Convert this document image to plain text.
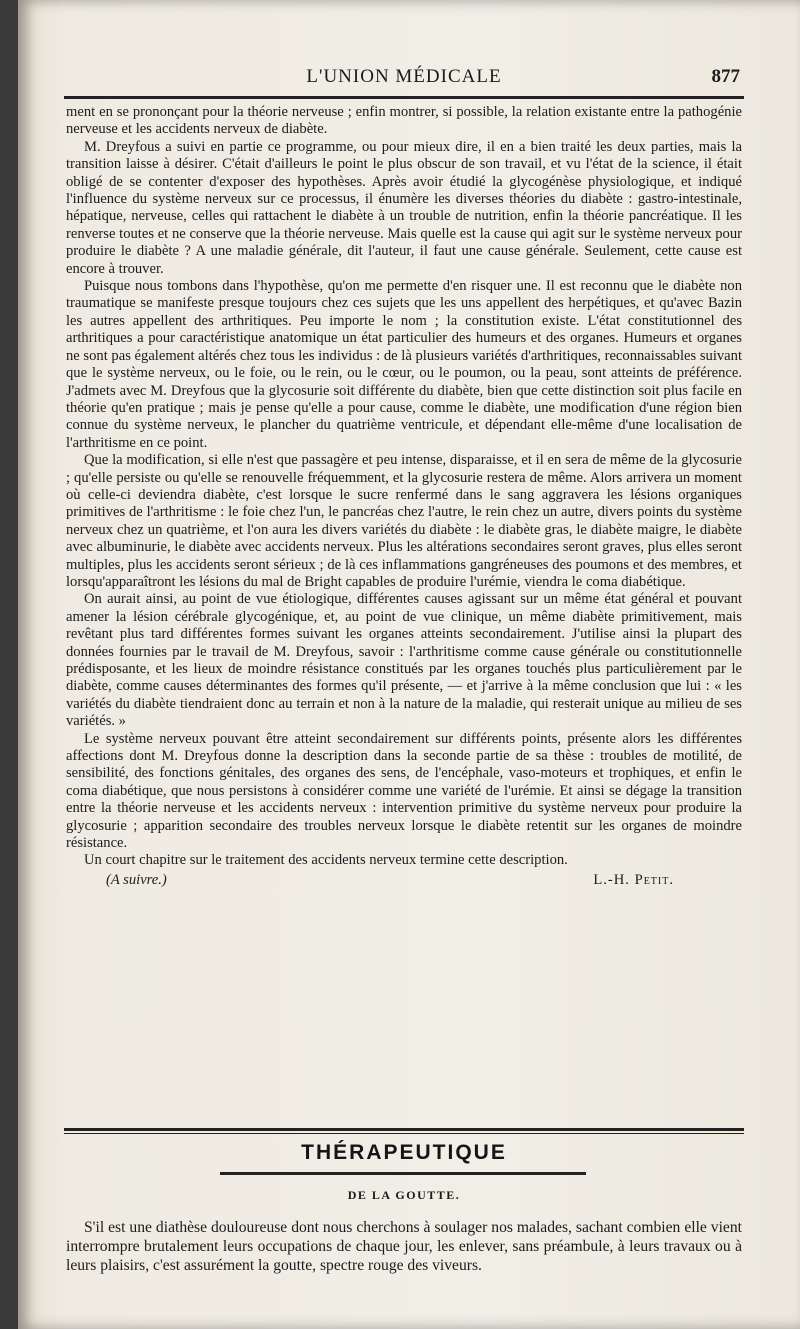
L'UNION MÉDICALE	877

ment en se prononçant pour la théorie nerveuse ; enfin montrer, si possible, la relation existante entre la pathogénie nerveuse et les accidents nerveux de diabète.

M. Dreyfous a suivi en partie ce programme, ou pour mieux dire, il en a bien traité les deux parties, mais la transition laisse à désirer. C'était d'ailleurs le point le plus obscur de son travail, et vu l'état de la science, il était obligé de se contenter d'exposer des hypothèses. Après avoir étudié la glycogénèse physiologique, et indiqué l'influence du système nerveux sur ce processus, il énumère les diverses théories du diabète : gastro-intestinale, hépatique, nerveuse, celles qui rattachent le diabète à un trouble de nutrition, enfin la théorie pancréatique. Il les renverse toutes et ne conserve que la théorie nerveuse. Mais quelle est la cause qui agit sur le système nerveux pour produire le diabète ? A une maladie générale, dit l'auteur, il faut une cause générale. Seulement, cette cause est encore à trouver.

Puisque nous tombons dans l'hypothèse, qu'on me permette d'en risquer une. Il est reconnu que le diabète non traumatique se manifeste presque toujours chez ces sujets que les uns appellent des herpétiques, et qu'avec Bazin les autres appellent des arthritiques. Peu importe le nom ; la constitution existe. L'état constitutionnel des arthritiques a pour caractéristique anatomique un état particulier des humeurs et des organes. Humeurs et organes ne sont pas également altérés chez tous les individus : de là plusieurs variétés d'arthritiques, reconnaissables suivant que le système nerveux, ou le foie, ou le rein, ou le cœur, ou le poumon, ou la peau, sont atteints de préférence. J'admets avec M. Dreyfous que la glycosurie soit différente du diabète, bien que cette distinction soit plus facile en théorie qu'en pratique ; mais je pense qu'elle a pour cause, comme le diabète, une modification d'une région bien connue du système nerveux, le plancher du quatrième ventricule, et dépendant elle-même d'une localisation de l'arthritisme en ce point.

Que la modification, si elle n'est que passagère et peu intense, disparaisse, et il en sera de même de la glycosurie ; qu'elle persiste ou qu'elle se renouvelle fréquemment, et la glycosurie restera de même. Alors arrivera un moment où celle-ci deviendra diabète, c'est lorsque le sucre renfermé dans le sang aggravera les lésions organiques primitives de l'arthritisme : le foie chez l'un, le pancréas chez l'autre, le rein chez un autre, divers points du système nerveux chez un quatrième, et l'on aura les divers variétés du diabète : le diabète gras, le diabète maigre, le diabète avec albuminurie, le diabète avec accidents nerveux. Plus les altérations secondaires seront graves, plus elles seront multiples, plus les accidents seront sérieux ; de là ces inflammations gangréneuses des poumons et des membres, et lorsqu'apparaîtront les lésions du mal de Bright capables de produire l'urémie, viendra le coma diabétique.

On aurait ainsi, au point de vue étiologique, différentes causes agissant sur un même état général et pouvant amener la lésion cérébrale glycogénique, et, au point de vue clinique, un même diabète primitivement, mais revêtant plus tard différentes formes suivant les organes atteints secondairement. J'utilise ainsi la plupart des données fournies par le travail de M. Dreyfous, savoir : l'arthritisme comme cause générale ou constitutionnelle prédisposante, et les lieux de moindre résistance constitués par les organes touchés plus particulièrement par le diabète, comme causes déterminantes des formes qu'il présente, — et j'arrive à la même conclusion que lui : « les variétés du diabète tiendraient donc au terrain et non à la nature de la maladie, qui resterait unique au milieu de ses variétés. »

Le système nerveux pouvant être atteint secondairement sur différents points, présente alors les différentes affections dont M. Dreyfous donne la description dans la seconde partie de sa thèse : troubles de motilité, de sensibilité, des fonctions génitales, des organes des sens, de l'encéphale, vaso-moteurs et trophiques, et enfin le coma diabétique, que nous persistons à considérer comme une variété de l'urémie. Et ainsi se dégage la transition entre la théorie nerveuse et les accidents nerveux : intervention primitive du système nerveux pour produire la glycosurie ; apparition secondaire des troubles nerveux lorsque le diabète retentit sur les organes de moindre résistance.

Un court chapitre sur le traitement des accidents nerveux termine cette description.

(A suivre.)	L.-H. Petit.
THÉRAPEUTIQUE
DE LA GOUTTE.

S'il est une diathèse douloureuse dont nous cherchons à soulager nos malades, sachant combien elle vient interrompre brutalement leurs occupations de chaque jour, les enlever, sans préambule, à leurs travaux ou à leurs plaisirs, c'est assurément la goutte, spectre rouge des viveurs.
